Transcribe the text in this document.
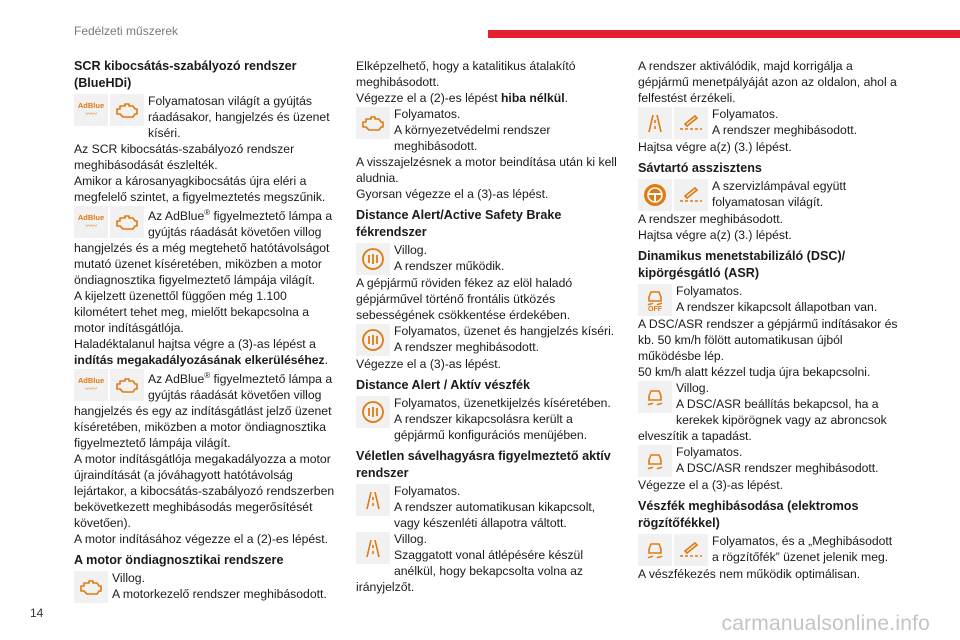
Fedélzeti műszerek
SCR kibocsátás-szabályozó rendszer (BlueHDi)
AdBlue
〰〰

Folyamatosan világít a gyújtás ráadásakor, hangjelzés és üzenet kíséri.

Az SCR kibocsátás-szabályozó rendszer meghibásodását észlelték.

Amikor a károsanyagkibocsátás újra eléri a megfelelő szintet, a figyelmeztetés megszűnik.

AdBlue
〰〰

Az AdBlue® figyelmeztető lámpa a gyújtás ráadását követően villog hangjelzés és a még megtehető hatótávolságot mutató üzenet kíséretében, miközben a motor öndiagnosztika figyelmeztető lámpája világít.

A kijelzett üzenettől függően még 1.100 kilométert tehet meg, mielőtt bekapcsolna a motor indításgátlója.

Haladéktalanul hajtsa végre a (3)-as lépést a indítás megakadályozásának elkerüléséhez.

AdBlue
〰〰

Az AdBlue® figyelmeztető lámpa a gyújtás ráadását követően villog hangjelzés és egy az indításgátlást jelző üzenet kíséretében, miközben a motor öndiagnosztika figyelmeztető lámpája világít.

A motor indításgátlója megakadályozza a motor újraindítását (a jóváhagyott hatótávolság lejártakor, a kibocsátás-szabályozó rendszerben bekövetkezett meghibásodás megerősítését követően).

A motor indításához végezze el a (2)-es lépést.

A motor öndiagnosztikai rendszere

Villog.

A motorkezelő rendszer meghibásodott.

Elképzelhető, hogy a katalitikus átalakító meghibásodott.

Végezze el a (2)-es lépést hiba nélkül.

Folyamatos.

A környezetvédelmi rendszer meghibásodott.

A visszajelzésnek a motor beindítása után ki kell aludnia.

Gyorsan végezze el a (3)-as lépést.

Distance Alert/Active Safety Brake fékrendszer

Villog.

A rendszer működik.

A gépjármű röviden fékez az elöl haladó gépjárművel történő frontális ütközés sebességének csökkentése érdekében.

Folyamatos, üzenet és hangjelzés kíséri.

A rendszer meghibásodott.

Végezze el a (3)-as lépést.

Distance Alert / Aktív vészfék

Folyamatos, üzenetkijelzés kíséretében.

A rendszer kikapcsolásra került a gépjármű konfigurációs menüjében.

Véletlen sávelhagyásra figyelmeztető aktív rendszer

Folyamatos.

A rendszer automatikusan kikapcsolt, vagy készenléti állapotra váltott.

Villog.

Szaggatott vonal átlépésére készül anélkül, hogy bekapcsolta volna az irányjelzőt.

A rendszer aktiválódik, majd korrigálja a gépjármű menetpályáját azon az oldalon, ahol a felfestést érzékeli.

Folyamatos.

A rendszer meghibásodott.

Hajtsa végre a(z) (3.) lépést.

Sávtartó asszisztens

A szervizlámpával együtt folyamatosan világít.

A rendszer meghibásodott.

Hajtsa végre a(z) (3.) lépést.

Dinamikus menetstabilizáló (DSC)/ kipörgésgátló (ASR)
OFF

Folyamatos.

A rendszer kikapcsolt állapotban van.

A DSC/ASR rendszer a gépjármű indításakor és kb. 50 km/h fölött automatikusan újból működésbe lép.

50 km/h alatt kézzel tudja újra bekapcsolni.

Villog.

A DSC/ASR beállítás bekapcsol, ha a kerekek kipörögnek vagy az abroncsok elveszítik a tapadást.

Folyamatos.

A DSC/ASR rendszer meghibásodott.

Végezze el a (3)-as lépést.

Vészfék meghibásodása (elektromos rögzítőfékkel)

Folyamatos, és a „Meghibásodott a rögzítőfék” üzenet jelenik meg.

A vészfékezés nem működik optimálisan.

14	carmanualsonline.info
